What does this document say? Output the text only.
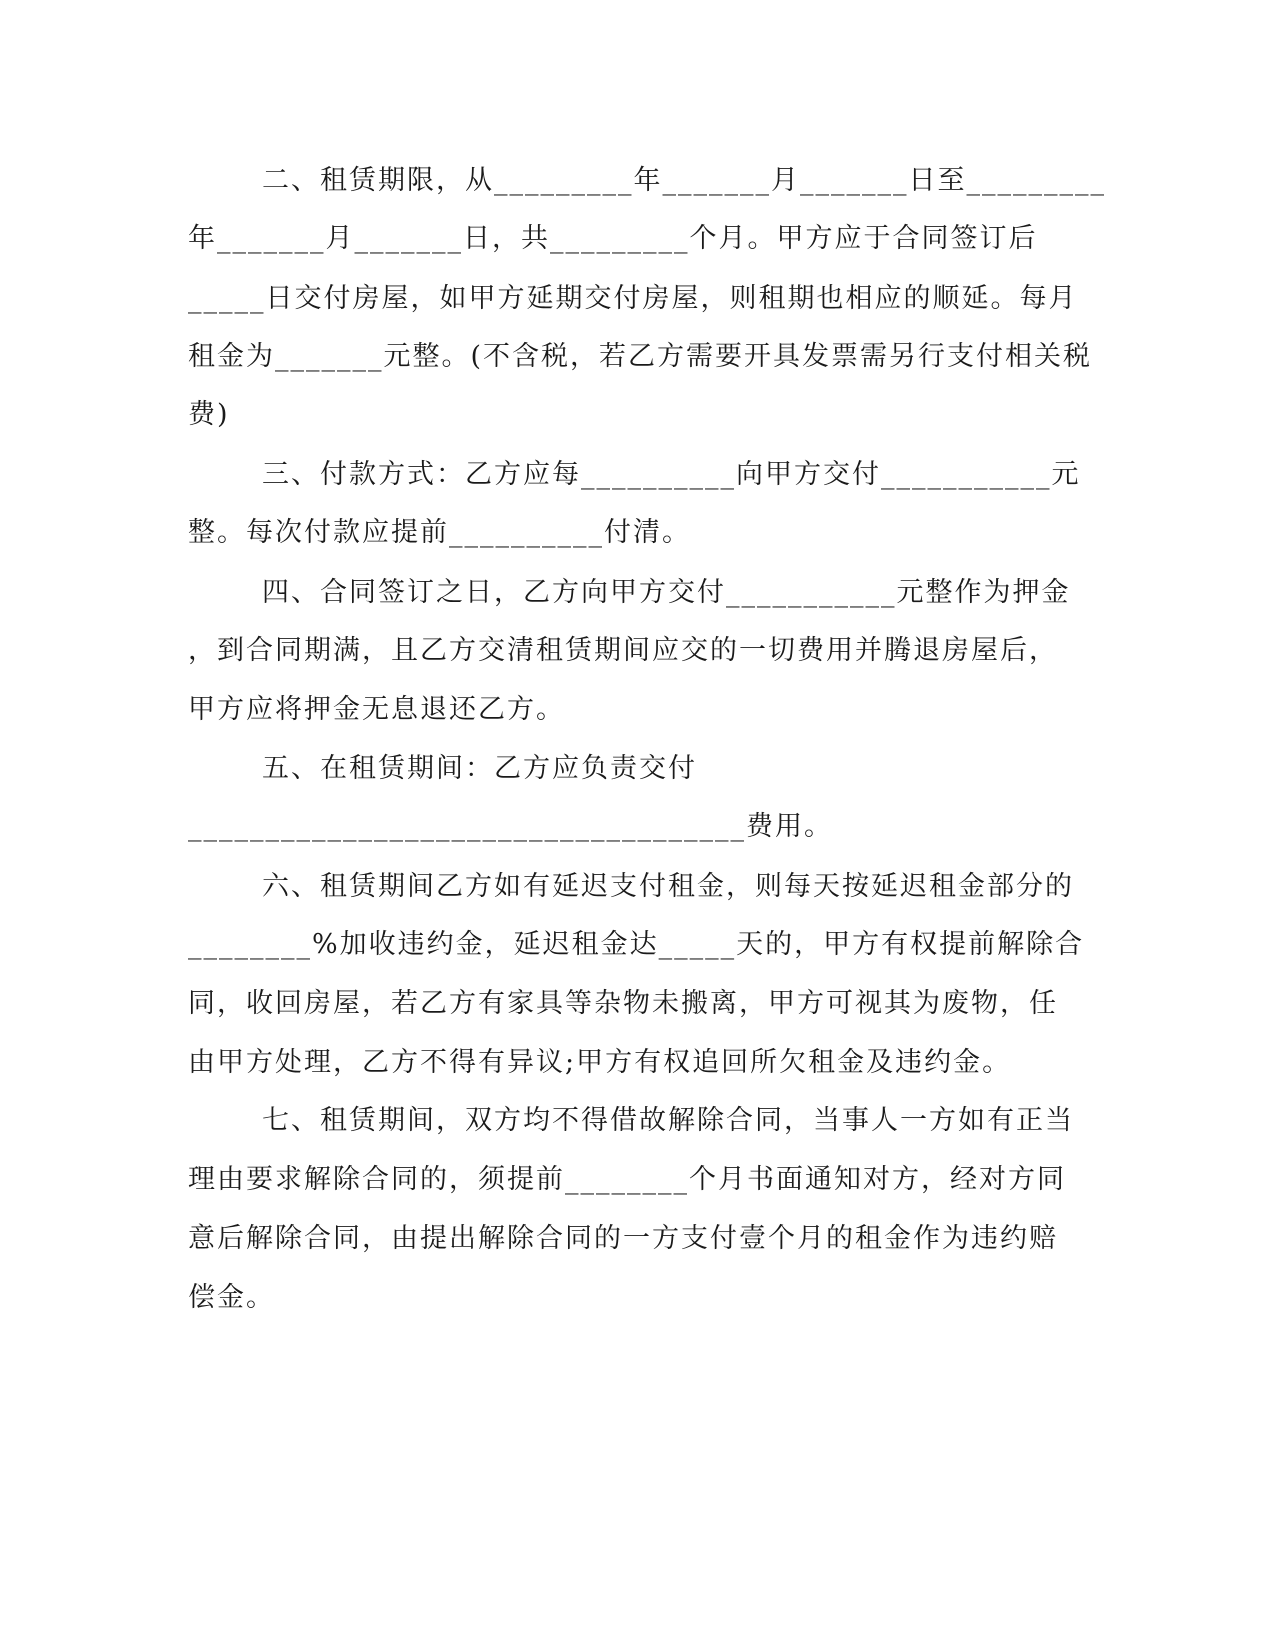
二、租赁期限，从_________年_______月_______日至_________
年_______月_______日，共_________个月。甲方应于合同签订后
_____日交付房屋，如甲方延期交付房屋，则租期也相应的顺延。每月
租金为_______元整。(不含税，若乙方需要开具发票需另行支付相关税
费)
三、付款方式：乙方应每__________向甲方交付___________元
整。每次付款应提前__________付清。
四、合同签订之日，乙方向甲方交付___________元整作为押金
，到合同期满，且乙方交清租赁期间应交的一切费用并腾退房屋后，
甲方应将押金无息退还乙方。
五、在租赁期间：乙方应负责交付
____________________________________费用。
六、租赁期间乙方如有延迟支付租金，则每天按延迟租金部分的
________%加收违约金，延迟租金达_____天的，甲方有权提前解除合
同，收回房屋，若乙方有家具等杂物未搬离，甲方可视其为废物，任
由甲方处理，乙方不得有异议;甲方有权追回所欠租金及违约金。
七、租赁期间，双方均不得借故解除合同，当事人一方如有正当
理由要求解除合同的，须提前________个月书面通知对方，经对方同
意后解除合同，由提出解除合同的一方支付壹个月的租金作为违约赔
偿金。
